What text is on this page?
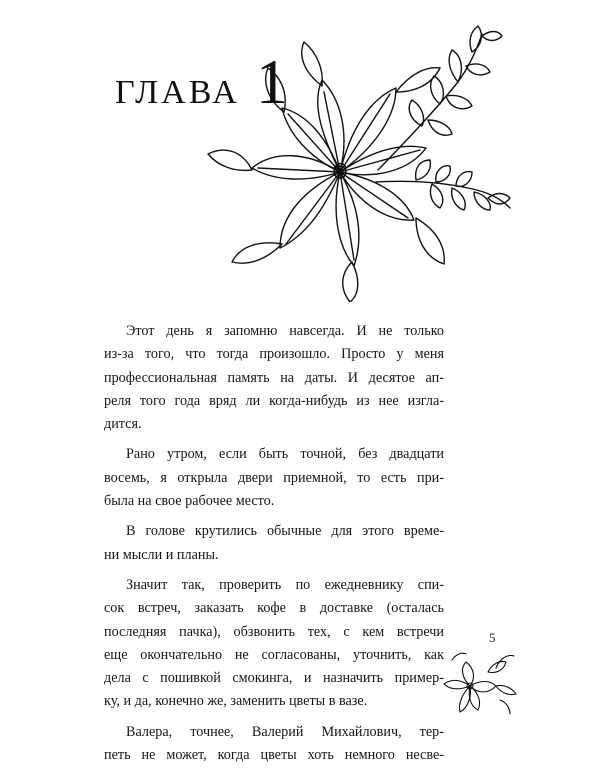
ГЛАВА 1

Этот день я запомню навсегда. И не только
из-за того, что тогда произошло. Просто у меня
профессиональная память на даты. И десятое ап-
реля того года вряд ли когда-нибудь из нее изгла-
дится.

Рано утром, если быть точной, без двадцати
восемь, я открыла двери приемной, то есть при-
была на свое рабочее место.

В голове крутились обычные для этого време-
ни мысли и планы.

Значит так, проверить по ежедневнику спи-
сок встреч, заказать кофе в доставке (осталась
последняя пачка), обзвонить тех, с кем встречи
еще окончательно не согласованы, уточнить, как
дела с пошивкой смокинга, и назначить пример-
ку, и да, конечно же, заменить цветы в вазе.

Валера, точнее, Валерий Михайлович, тер-
петь не может, когда цветы хоть немного несве-

5
